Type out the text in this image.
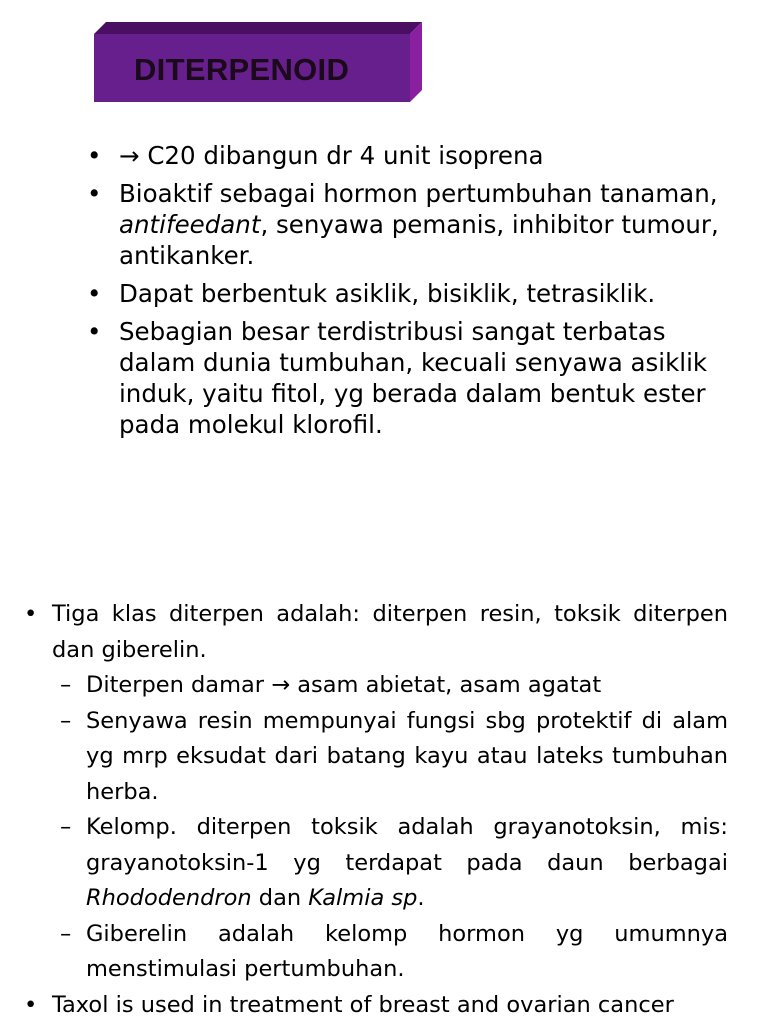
DITERPENOID
• → C20 dibangun dr 4 unit isoprena
• Bioaktif sebagai hormon pertumbuhan tanaman, antifeedant, senyawa pemanis, inhibitor tumour, antikanker.
• Dapat berbentuk asiklik, bisiklik, tetrasiklik.
• Sebagian besar terdistribusi sangat terbatas dalam dunia tumbuhan, kecuali senyawa asiklik induk, yaitu fitol, yg berada dalam bentuk ester pada molekul klorofil.
• Tiga klas diterpen adalah: diterpen resin, toksik diterpen dan giberelin.
– Diterpen damar → asam abietat, asam agatat
– Senyawa resin mempunyai fungsi sbg protektif di alam yg mrp eksudat dari batang kayu atau lateks tumbuhan herba.
– Kelomp. diterpen toksik adalah grayanotoksin, mis: grayanotoksin-1 yg terdapat pada daun berbagai Rhododendron dan Kalmia sp.
– Giberelin adalah kelomp hormon yg umumnya menstimulasi pertumbuhan.
• Taxol is used in treatment of breast and ovarian cancer
